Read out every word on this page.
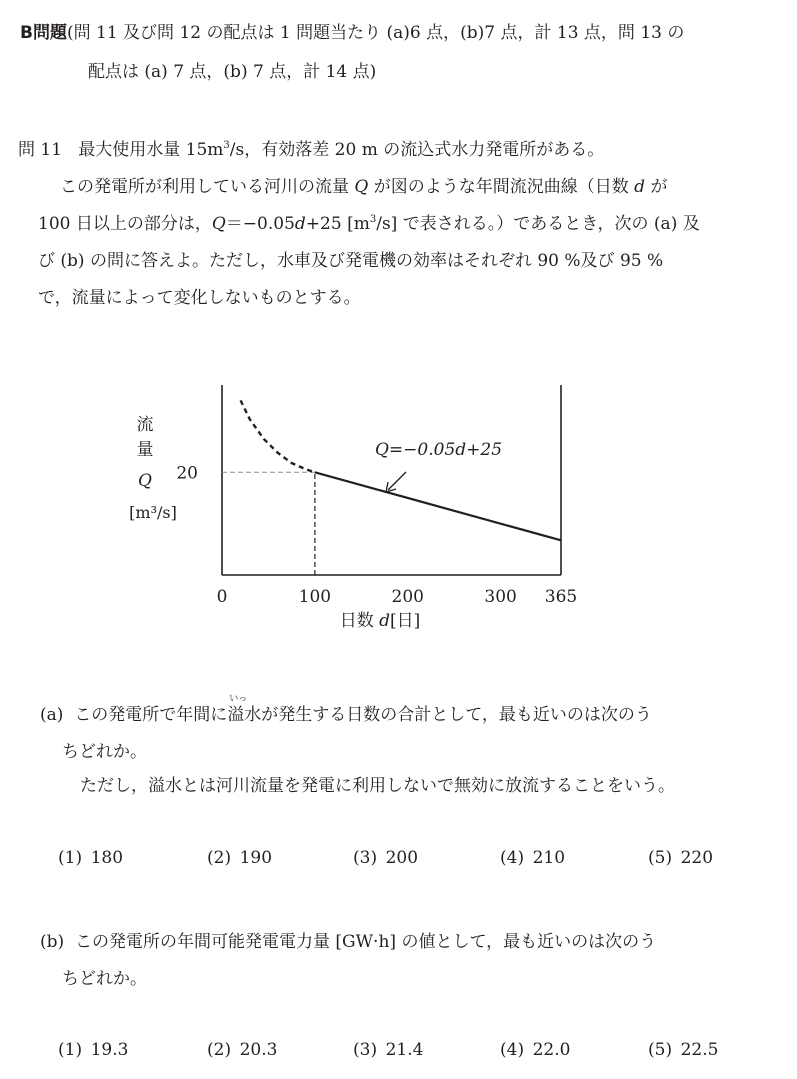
B問題(問 11 及び問 12 の配点は 1 問題当たり (a)6 点，(b)7 点，計 13 点，問 13 の
配点は (a) 7 点，(b) 7 点，計 14 点)
問 11 最大使用水量 $15m^3/s$，有効落差 20 m の流込式水力発電所がある。
この発電所が利用している河川の流量 Q が図のような年間流況曲線（日数 d が
100 日以上の部分は，Q＝−0.05d+25 $[m^3/s]$ で表される。）であるとき，次の (a) 及
び (b) の問に答えよ。ただし，水車及び発電機の効率はそれぞれ 90 %及び 95 %
で，流量によって変化しないものとする。
0	100	200	300 365
20
流
量
Q
[m³/s]
Q=−0.05d+25
日数 d[日]
(a) この発電所で年間に
いっ
溢水が発生する日数の合計として，最も近いのは次のう
ちどれか。
ただし，溢水とは河川流量を発電に利用しないで無効に放流することをいう。
(1) 180	(2) 190	(3) 200	(4) 210	(5) 220
(b) この発電所の年間可能発電電力量 [GW·h] の値として，最も近いのは次のう
ちどれか。
(1) 19.3	(2) 20.3	(3) 21.4	(4) 22.0	(5) 22.5
